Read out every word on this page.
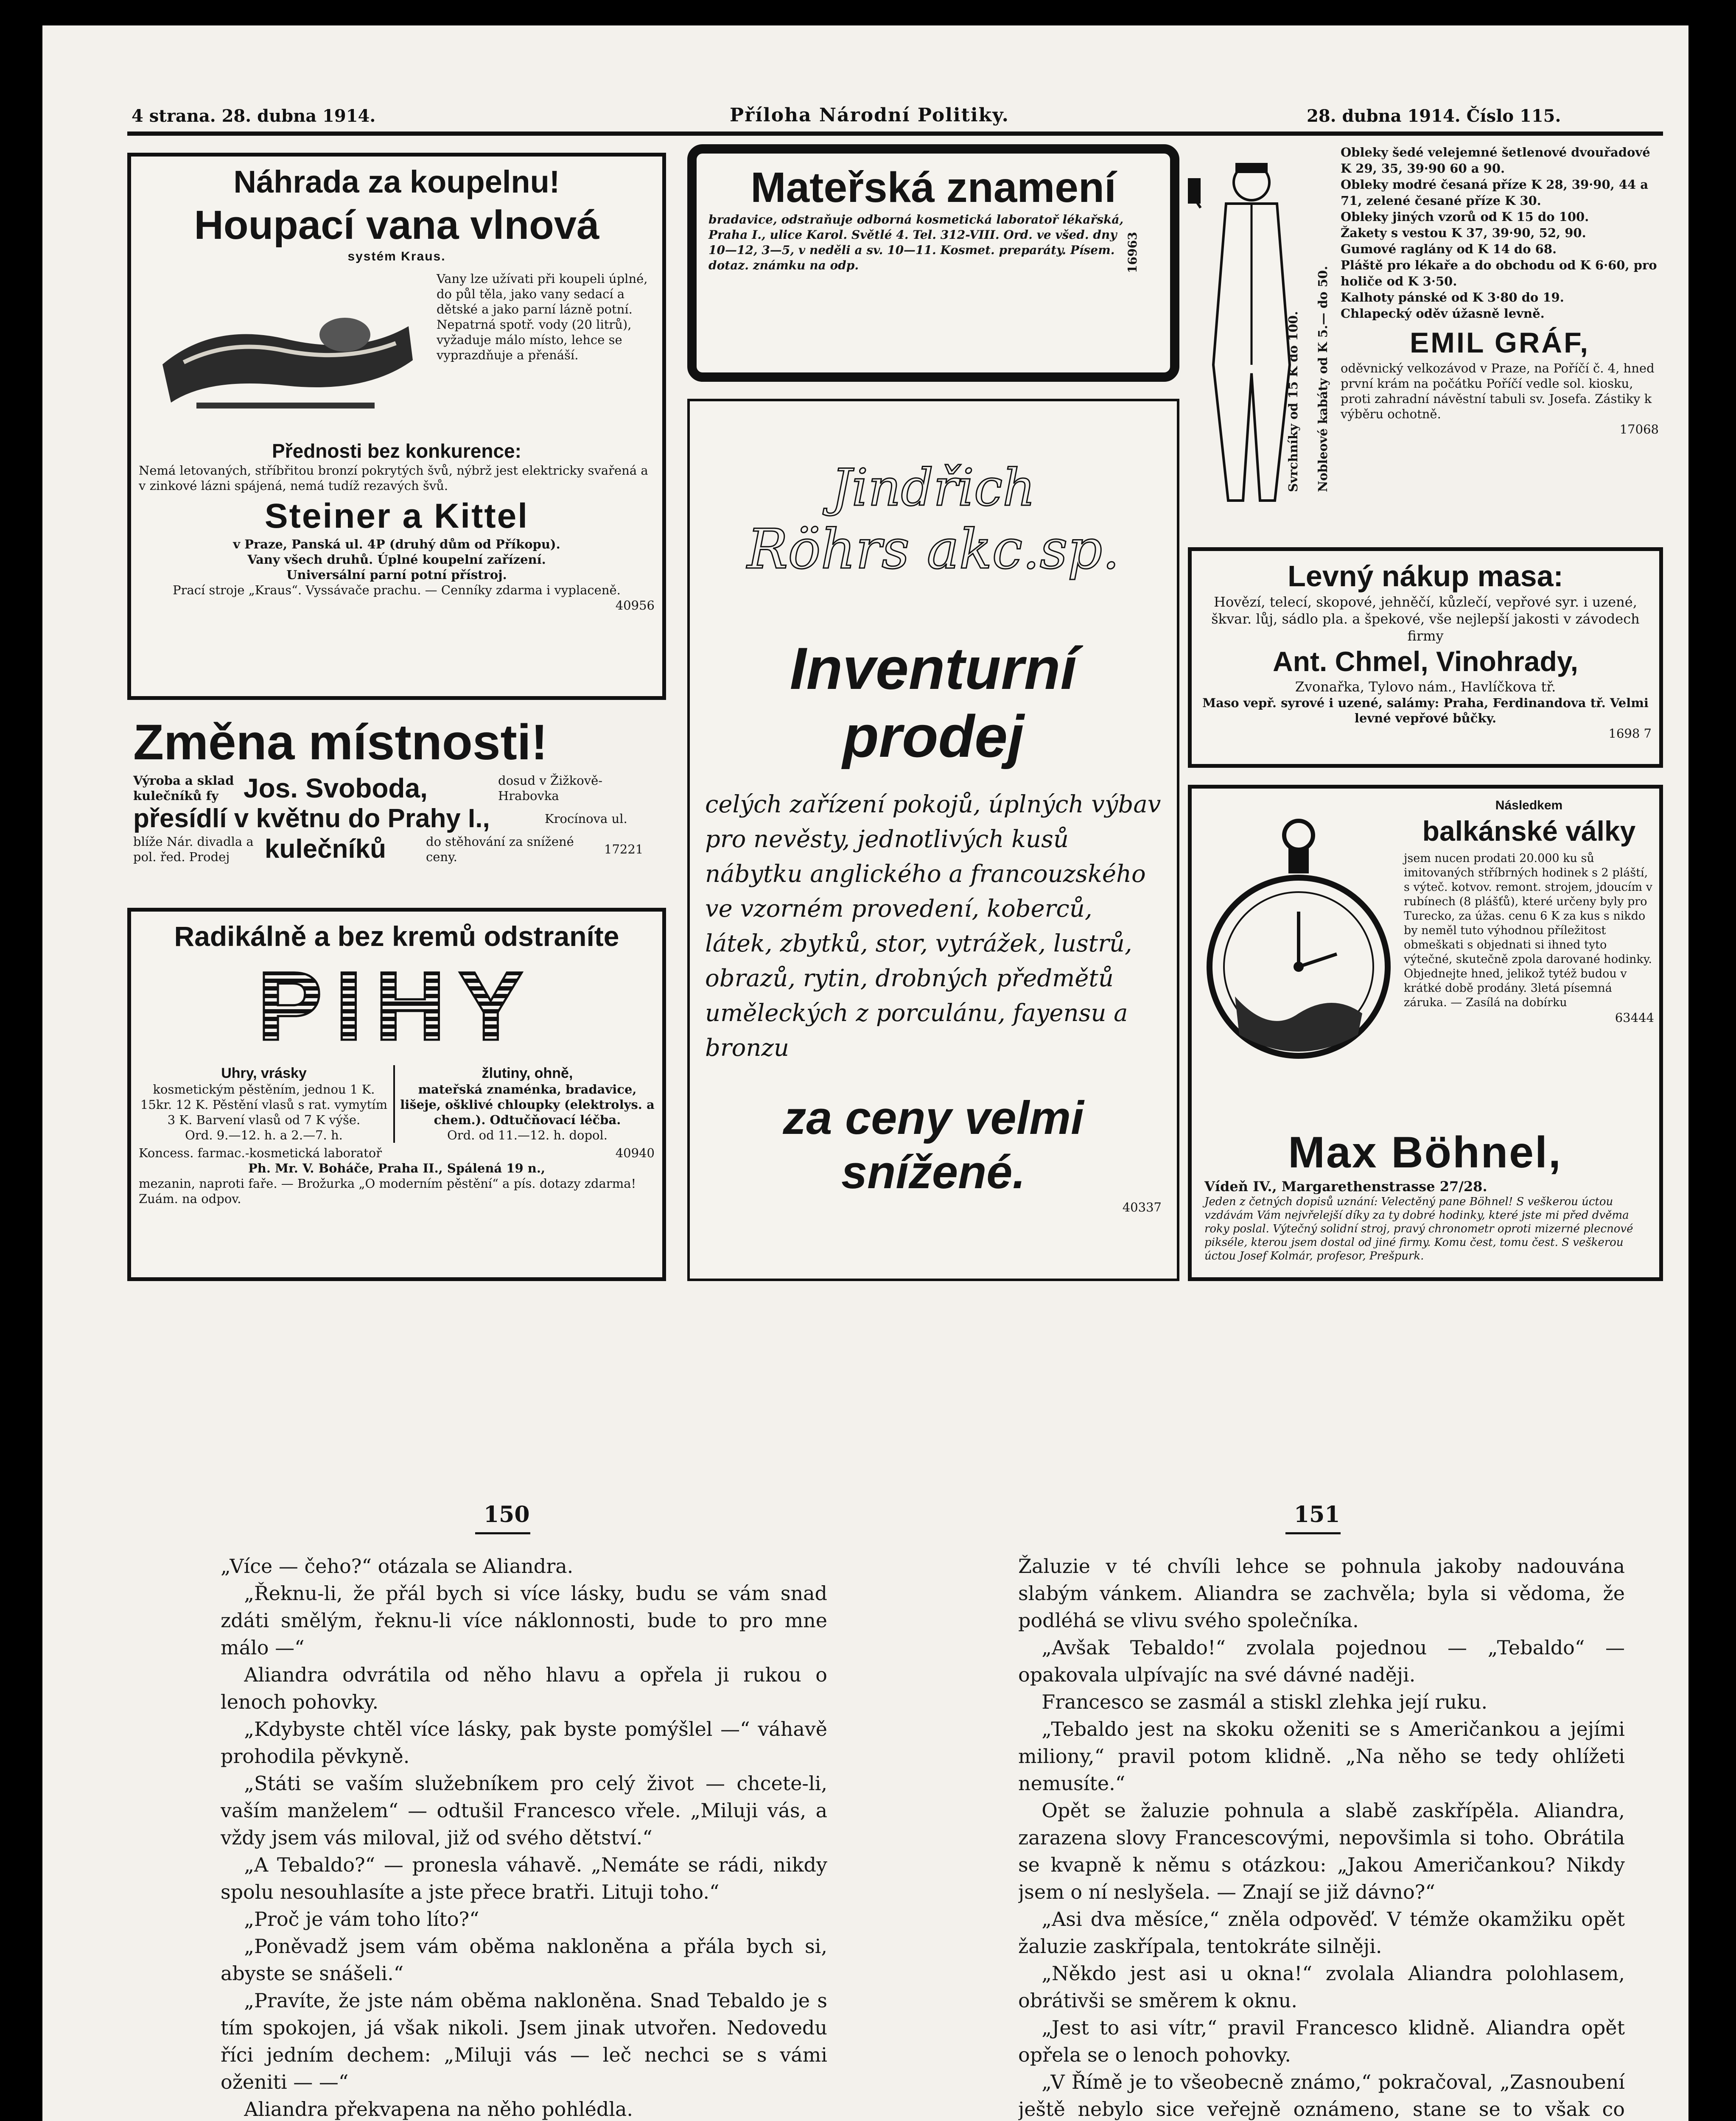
4 strana. 28. dubna 1914.	Příloha Národní Politiky.	28. dubna 1914. Číslo 115.
Náhrada za koupelnu!
Houpací vana vlnová
systém Kraus.
Vany lze užívati při koupeli úplné, do půl těla, jako vany sedací a dětské a jako parní lázně potní. Nepatrná spotř. vody (20 litrů), vyžaduje málo místo, lehce se vyprazdňuje a přenáší.
Přednosti bez konkurence:
Nemá letovaných, stříbřitou bronzí pokrytých švů, nýbrž jest elektricky svařená a v zinkové lázni spájená, nemá tudíž rezavých švů.
Steiner a Kittel
v Praze, Panská ul. 4P (druhý dům od Příkopu).
Vany všech druhů. Úplné koupelní zařízení.
Universální parní potní přístroj.
Prací stroje „Kraus“. Vyssávače prachu. — Cenníky zdarma i vyplaceně.
40956
Změna místnosti!
Výroba a sklad kulečníků fy Jos. Svoboda,	dosud v Žižkově-Hrabovka
přesídlí v květnu do Prahy I.,	Krocínova ul.
blíže Nár. divadla a pol. řed. Prodej	kulečníků	do stěhování za snížené ceny.
17221
Radikálně a bez kremů odstraníte
PIHY
Uhry, vrásky
kosmetickým pěstěním, jednou 1 K. 15kr. 12 K. Pěstění vlasů s rat. vymytím 3 K. Barvení vlasů od 7 K výše.
Ord. 9.—12. h. a 2.—7. h.
žlutiny, ohně,
mateřská znaménka, bradavice, lišeje, ošklivé chloupky (elektrolys. a chem.). Odtučňovací léčba.
Ord. od 11.—12. h. dopol.
Koncess. farmac.-kosmetická laboratoř	40940
Ph. Mr. V. Boháče, Praha II., Spálená 19 n.,
mezanin, naproti faře. — Brožurka „O moderním pěstění“ a pís. dotazy zdarma! Zuám. na odpov.
Mateřská znamení
bradavice, odstraňuje odborná kosmetická laboratoř lékařská, Praha I., ulice Karol. Světlé 4. Tel. 312-VIII. Ord. ve všed. dny 10—12, 3—5, v neděli a sv. 10—11. Kosmet. preparáty. Písem. dotaz. známku na odp.	16963
Jindřich
Röhrs akc.sp.
Inventurní
prodej
celých zařízení pokojů, úplných výbav pro nevěsty, jednotlivých kusů nábytku anglického a francouzského ve vzorném provedení, koberců, látek, zbytků, stor, vytrážek, lustrů, obrazů, rytin, drobných předmětů uměleckých z porculánu, fayensu a bronzu
za ceny velmi
snížené.
40337
Svrchníky od 15 K do 100. Nobleové kabáty od K 5.— do 50.
Obleky šedé velejemné šetlenové dvouřadové K 29, 35, 39·90 60 a 90.
Obleky modré česaná příze K 28, 39·90, 44 a 71, zelené česané příze K 30.
Obleky jiných vzorů od K 15 do 100.
Žakety s vestou K 37, 39·90, 52, 90.
Gumové raglány od K 14 do 68.
Pláště pro lékaře a do obchodu od K 6·60, pro holiče od K 3·50.
Kalhoty pánské od K 3·80 do 19.
Chlapecký oděv úžasně levně.
EMIL GRÁF,
oděvnický velkozávod v Praze, na Poříčí č. 4, hned první krám na počátku Poříčí vedle sol. kiosku, proti zahradní návěstní tabuli sv. Josefa. Zástiky k výběru ochotně.
17068
Levný nákup masa:
Hovězí, telecí, skopové, jehněčí, kůzlečí, vepřové syr. i uzené, škvar. lůj, sádlo pla. a špekové, vše nejlepší jakosti v závodech firmy
Ant. Chmel, Vinohrady,
Zvonařka, Tylovo nám., Havlíčkova tř.
Maso vepř. syrové i uzené, salámy: Praha, Ferdinandova tř. Velmi levné vepřové bůčky.
1698 7
Následkem
balkánské války
jsem nucen prodati 20.000 ku sů imitovaných stříbrných hodinek s 2 pláští, s výteč. kotvov. remont. strojem, jdoucím v rubínech (8 plášťů), které určeny byly pro Turecko, za úžas. cenu 6 K za kus s nikdo by neměl tuto výhodnou příležitost obmeškati s objednati si ihned tyto výtečné, skutečně zpola darované hodinky. Objednejte hned, jelikož tytéž budou v krátké době prodány. 3letá písemná záruka. — Zasílá na dobírku
63444
Max Böhnel,
Vídeň IV., Margarethenstrasse 27/28.
Jeden z četných dopisů uznání: Velectěný pane Böhnel! S veškerou úctou vzdávám Vám nejvřelejší díky za ty dobré hodinky, které jste mi před dvěma roky poslal. Výtečný solidní stroj, pravý chronometr oproti mizerné plecnové pikséle, kterou jsem dostal od jiné firmy. Komu čest, tomu čest. S veškerou úctou Josef Kolmár, profesor, Prešpurk.
150	151

„Více — čeho?“ otázala se Aliandra.

„Řeknu-li, že přál bych si více lásky, budu se vám snad zdáti smělým, řeknu-li více náklonnosti, bude to pro mne málo —“

Aliandra odvrátila od něho hlavu a opřela ji rukou o lenoch pohovky.

„Kdybyste chtěl více lásky, pak byste pomýšlel —“ váhavě prohodila pěvkyně.

„Státi se vaším služebníkem pro celý život — chcete-li, vaším manželem“ — odtušil Francesco vřele. „Miluji vás, a vždy jsem vás miloval, již od svého dětství.“

„A Tebaldo?“ — pronesla váhavě. „Nemáte se rádi, nikdy spolu nesouhlasíte a jste přece bratři. Lituji toho.“

„Proč je vám toho líto?“

„Poněvadž jsem vám oběma nakloněna a přála bych si, abyste se snášeli.“

„Pravíte, že jste nám oběma nakloněna. Snad Tebaldo je s tím spokojen, já však nikoli. Jsem jinak utvořen. Nedovedu říci jedním dechem: „Miluji vás — leč nechci se s vámi oženiti — —“

Aliandra překvapena na něho pohlédla.

Žaluzie v té chvíli lehce se pohnula jakoby nadouvána slabým vánkem. Aliandra se zachvěla; byla si vědoma, že podléhá se vlivu svého společníka.

„Avšak Tebaldo!“ zvolala pojednou — „Tebaldo“ — opakovala ulpívajíc na své dávné naději.

Francesco se zasmál a stiskl zlehka její ruku.

„Tebaldo jest na skoku oženiti se s Američankou a jejími miliony,“ pravil potom klidně. „Na něho se tedy ohlížeti nemusíte.“

Opět se žaluzie pohnula a slabě zaskřípěla. Aliandra, zarazena slovy Francescovými, nepovšimla si toho. Obrátila se kvapně k němu s otázkou: „Jakou Američankou? Nikdy jsem o ní neslyšela. — Znají se již dávno?“

„Asi dva měsíce,“ zněla odpověď. V témže okamžiku opět žaluzie zaskřípala, tentokráte silněji.

„Někdo jest asi u okna!“ zvolala Aliandra polohlasem, obrátivši se směrem k oknu.

„Jest to asi vítr,“ pravil Francesco klidně. Aliandra opět opřela se o lenoch pohovky.

„V Římě je to všeobecně známo,“ pokračoval, „Zasnoubení ještě nebylo sice veřejně oznámeno, stane se to však co
